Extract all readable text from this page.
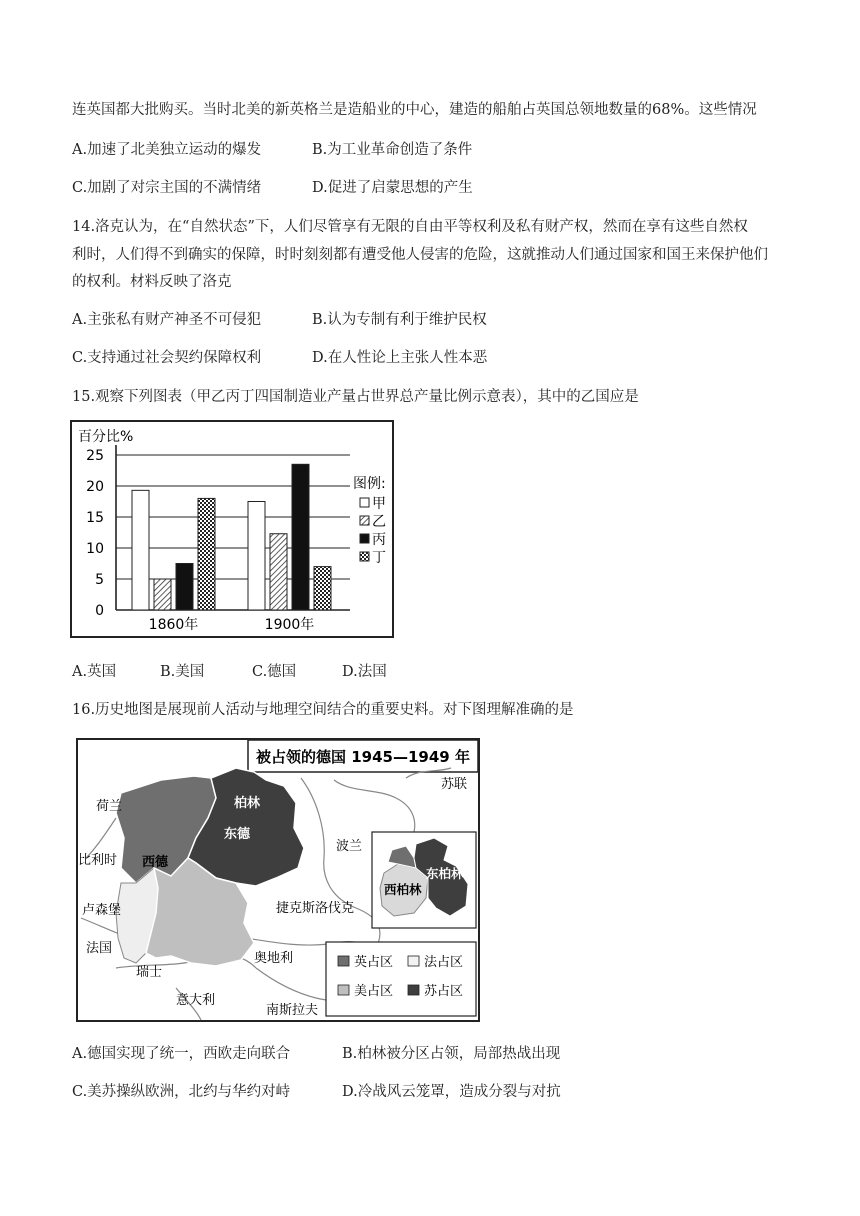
连英国都大批购买。当时北美的新英格兰是造船业的中心，建造的船舶占英国总领地数量的68%。这些情况
A.加速了北美独立运动的爆发	B.为工业革命创造了条件
C.加剧了对宗主国的不满情绪	D.促进了启蒙思想的产生
14.洛克认为，在“自然状态”下，人们尽管享有无限的自由平等权利及私有财产权，然而在享有这些自然权
利时，人们得不到确实的保障，时时刻刻都有遭受他人侵害的危险，这就推动人们通过国家和国王来保护他们
的权利。材料反映了洛克
A.主张私有财产神圣不可侵犯	B.认为专制有利于维护民权
C.支持通过社会契约保障权利	D.在人性论上主张人性本恶
15.观察下列图表（甲乙丙丁四国制造业产量占世界总产量比例示意表），其中的乙国应是
百分比%
0
5
10
15
20
25
1860年	1900年
图例:
甲
乙
丙
丁
A.英国	B.美国	C.德国	D.法国
16.历史地图是展现前人活动与地理空间结合的重要史料。对下图理解准确的是
被占领的德国 1945—1949 年
苏联
荷兰	柏林
东德
波兰
比利时 西德
卢森堡	捷克斯洛伐克
法国
奥地利
瑞士
意大利
南斯拉夫
东柏林
西柏林
英占区 法占区
美占区 苏占区
A.德国实现了统一，西欧走向联合	B.柏林被分区占领，局部热战出现
C.美苏操纵欧洲，北约与华约对峙	D.冷战风云笼罩，造成分裂与对抗
